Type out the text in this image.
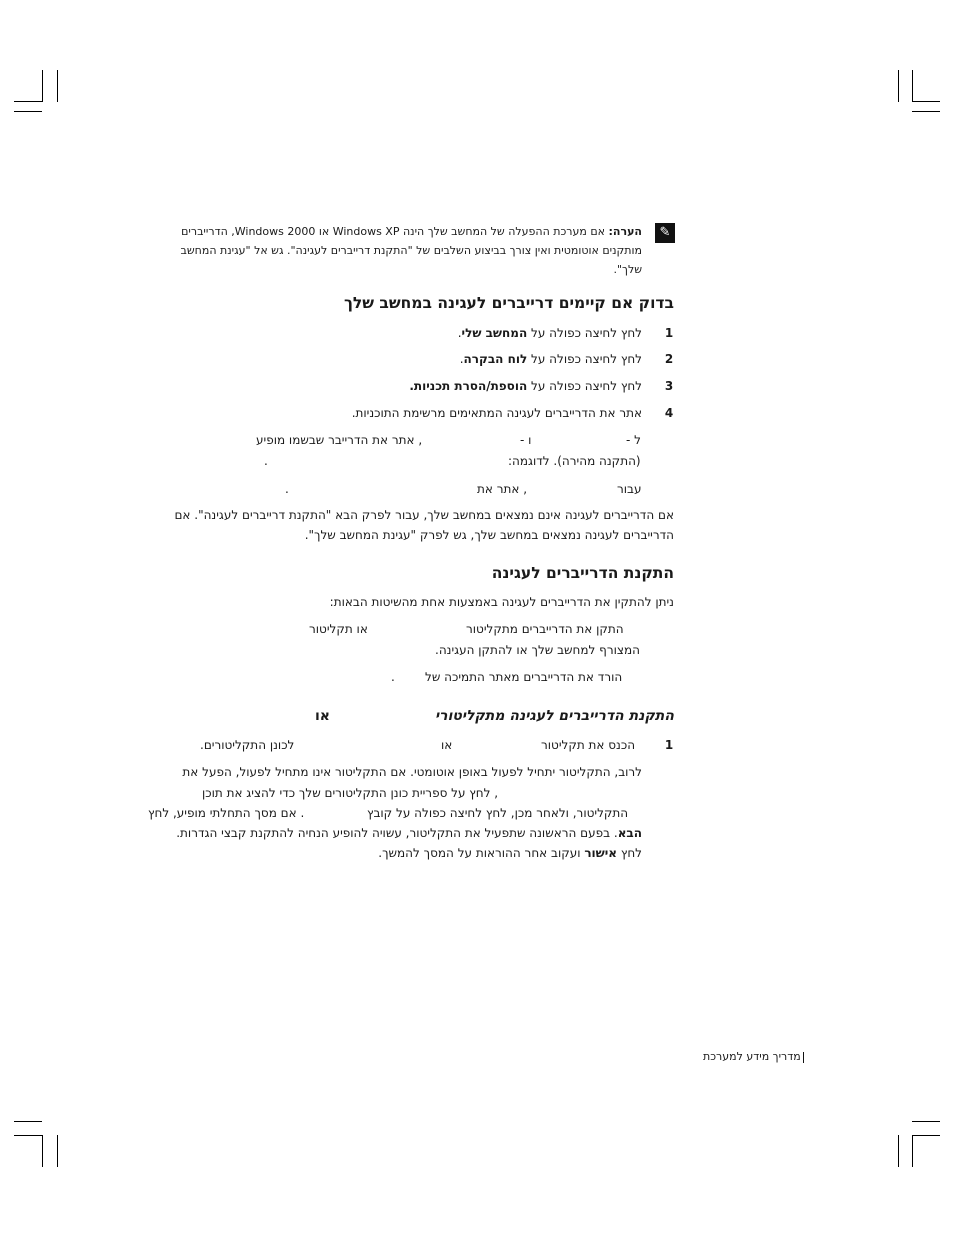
✎
הערה: אם מערכת ההפעלה של המחשב שלך הינה Windows XP או Windows 2000, הדרייברים
מותקנים אוטומטית ואין צורך בביצוע השלבים של "התקנת דרייברים לעגינה". גש אל "עגינת המחשב
שלך".
בדוק אם קיימים דרייברים לעגינה במחשב שלך
1
לחץ לחיצה כפולה על המחשב שלי.
2
לחץ לחיצה כפולה על לוח הבקרה.
3
לחץ לחיצה כפולה על הוספת/הסרת תכניות.
4
אתר את הדרייברים לעגינה המתאימים מרשימת התוכניות.
ל -
ו -
, אתר את הדרייבר שבשמו מופיע
(התקנה מהירה). לדוגמה:
.
עבור
, אתר את
.
אם הדרייברים לעגינה אינם נמצאים במחשב שלך, עבור לפרק הבא "התקנת דרייברים לעגינה". אם
הדרייברים לעגינה נמצאים במחשב שלך, גש לפרק "עגינת המחשב שלך".
התקנת הדרייברים לעגינה
ניתן להתקין את הדרייברים לעגינה באמצעות אחת מהשיטות הבאות:
התקן את הדרייברים מתקליטור
או תקליטור
המצורף למחשב שלך או להתקן העגינה.
הורד את הדרייברים מאתר התמיכה של
.
התקנת הדרייברים לעגינה מתקליטורי
או
1
הכנס את תקליטור
או
לכונן התקליטורים.
לרוב, התקליטור יתחיל לפעול באופן אוטומטי. אם התקליטור אינו מתחיל לפעול, הפעל את
, לחץ על ספריית כונן התקליטורים שלך כדי להציג את תוכן
התקליטור, ולאחר מכן, לחץ לחיצה כפולה על קובץ
. אם מסך התחלתי מופיע, לחץ
הבא. בפעם הראשונה שתפעיל את התקליטור, עשויה להופיע הנחיה להתקנת קבצי הגדרות.
לחץ אישור ועקוב אחר ההוראות על המסך להמשך.
מדריך מידע למערכת
